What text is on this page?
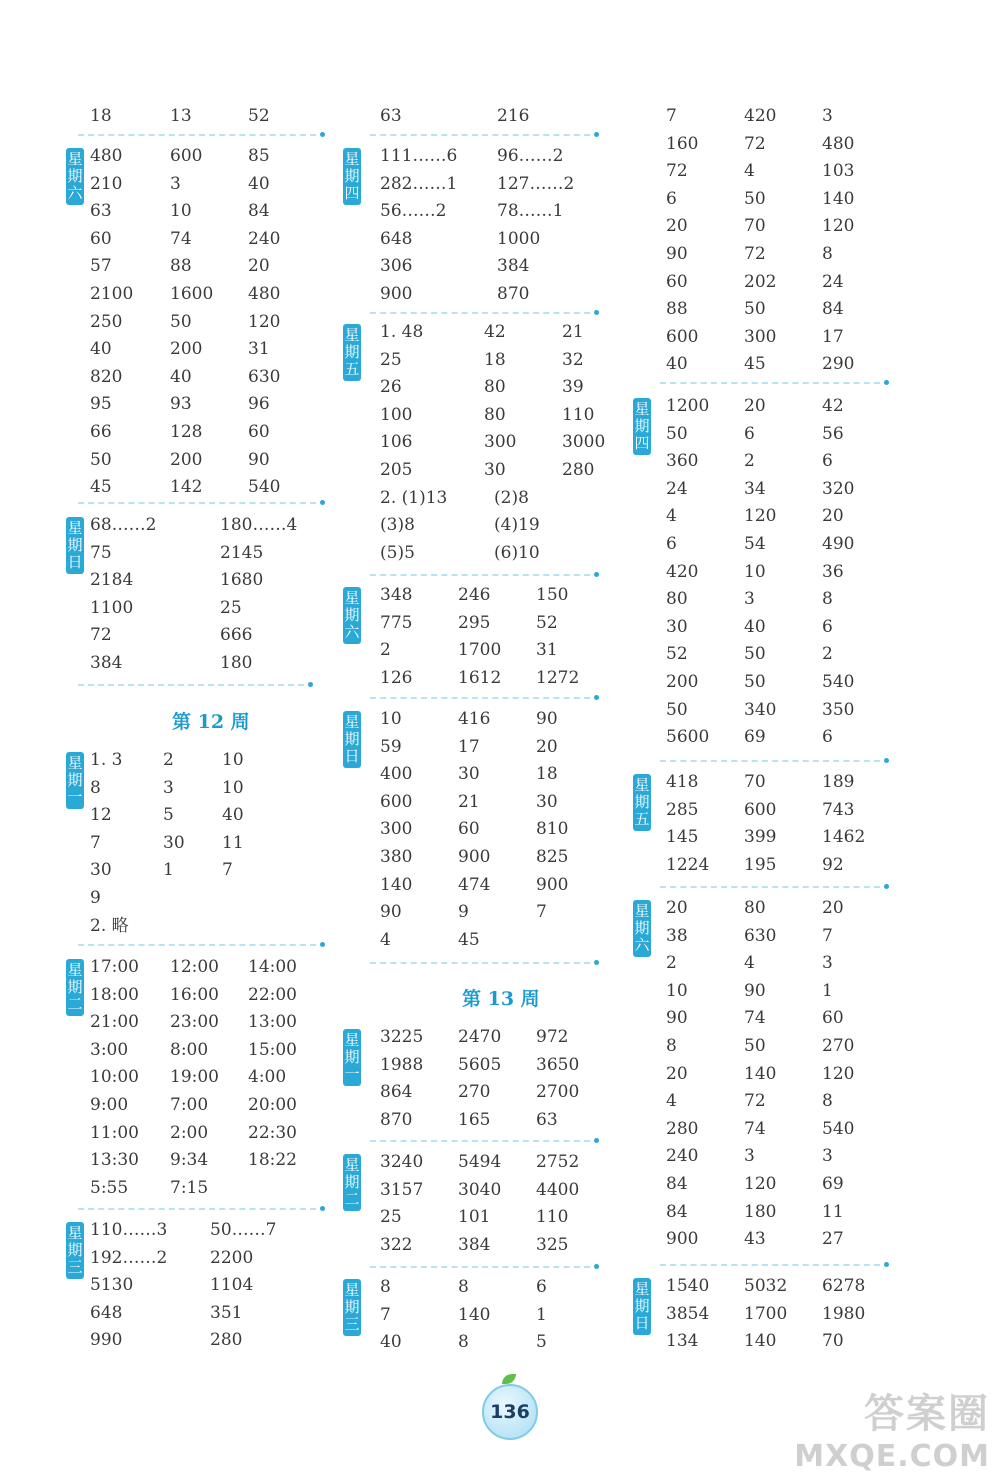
18	13	52
星
期
六
480	600	85
210	3	40
63	10	84
60	74	240
57	88	20
2100 1600 480
250	50	120
40	200	31
820	40	630
95	93	96
66	128	60
50	200	90
45	142	540
星
期
日
68……2	180……4
75	2145
2184	1680
1100	25
72	666
384	180
星
期
一
1. 3 2	10
8	3	10
12	5	40
7	30 11
30	1	7
9
2. 略
星
期
二
17:00 12:00 14:00
18:00 16:00 22:00
21:00 23:00 13:00
3:00 8:00 15:00
10:00 19:00 4:00
9:00 7:00 20:00
11:00 2:00 22:30
13:30 9:34 18:22
5:55 7:15
星
期
三
110……3	50……7
192……2	2200
5130	1104
648	351
990	280
63	216
星
期
四
111……6 96……2
282……1 127……2
56……2	78……1
648	1000
306	384
900	870
星
期
五
1. 48	42	21
25	18	32
26	80	39
100	80	110
106	300	3000
205	30	280
2. (1)13	(2)8
(3)8	(4)19
(5)5	(6)10
星
期
六
348	246	150
775	295	52
2	1700 31
126	1612 1272
星
期
日
10	416	90
59	17	20
400	30	18
600	21	30
300	60	810
380	900	825
140	474	900
90	9	7
4	45
星
期
一
3225 2470 972
1988 5605 3650
864	270	2700
870	165	63
星
期
二
3240 5494 2752
3157 3040 4400
25	101	110
322	384	325
星
期
三
8	8	6
7	140	1
40	8	5
7	420	3
160	72	480
72	4	103
6	50	140
20	70	120
90	72	8
60	202	24
88	50	84
600	300	17
40	45	290
星
期
四
1200 20	42
50	6	56
360	2	6
24	34	320
4	120	20
6	54	490
420	10	36
80	3	8
30	40	6
52	50	2
200	50	540
50	340	350
5600 69	6
星
期
五
418	70	189
285	600	743
145	399	1462
1224 195	92
星
期
六
20	80	20
38	630	7
2	4	3
10	90	1
90	74	60
8	50	270
20	140	120
4	72	8
280	74	540
240	3	3
84	120	69
84	180	11
900	43	27
星
期
日
1540 5032 6278
3854 1700 1980
134	140	70
第 12 周
第 13 周
136	答案圈
MXQE.COM
